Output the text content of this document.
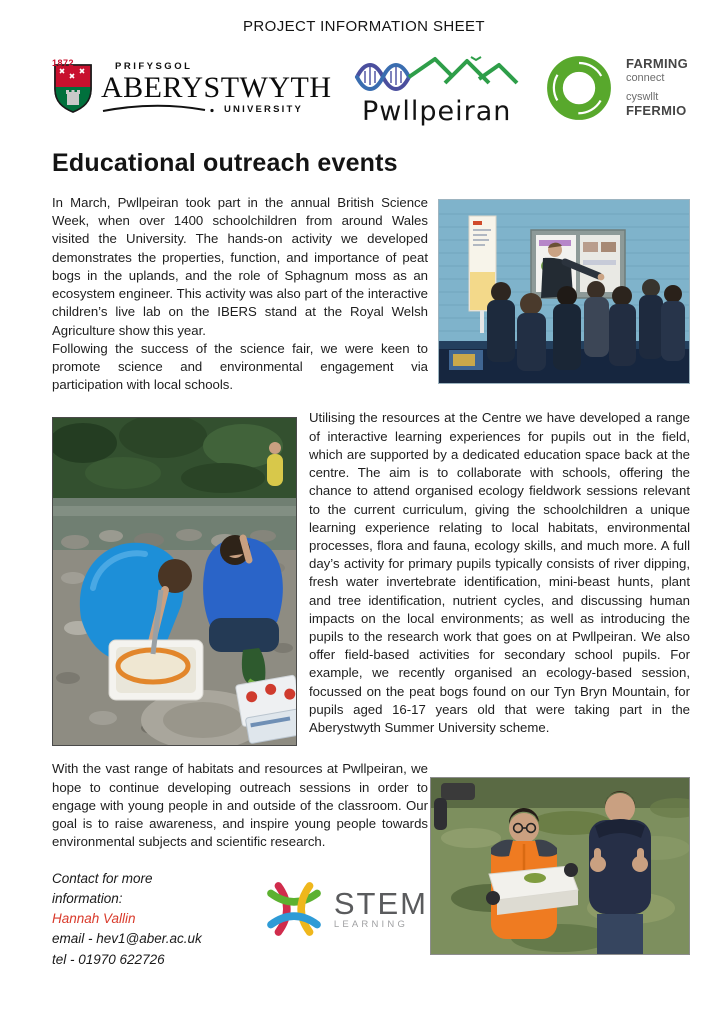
PROJECT INFORMATION SHEET
1872	PRIFYSGOL
ABERYSTWYTH
UNIVERSITY Pwllpeiran
FARMING
connect
cyswllt
FFERMIO
Educational outreach events

In March, Pwllpeiran took part in the annual British Science Week, when over 1400 schoolchildren from around Wales visited the University. The hands-on activity we developed demonstrates the properties, function, and importance of peat bogs in the uplands, and the role of Sphagnum moss as an ecosystem engineer. This activity was also part of the interactive children’s live lab on the IBERS stand at the Royal Welsh Agriculture show this year.

Following the success of the science fair, we were keen to promote science and environmental engagement via participation with local schools.

Utilising the resources at the Centre we have developed a range of interactive learning experiences for pupils out in the field, which are supported by a dedicated education space back at the centre. The aim is to collaborate with schools, offering the chance to attend organised ecology fieldwork sessions relevant to the current curriculum, giving the schoolchildren a unique learning experience relating to local habitats, environmental processes, flora and fauna, ecology skills, and much more. A full day’s activity for primary pupils typically consists of river dipping, fresh water invertebrate identification, mini-beast hunts, plant and tree identification, nutrient cycles, and discussing human impacts on the local environments; as well as introducing the pupils to the research work that goes on at Pwllpeiran. We also offer field-based activities for secondary school pupils. For example, we recently organised an ecology-based session, focussed on the peat bogs found on our Tyn Bryn Mountain, for pupils aged 16-17 years old that were taking part in the Aberystwyth Summer University scheme.

With the vast range of habitats and resources at Pwllpeiran, we hope to continue developing outreach sessions in order to engage with young people in and outside of the classroom. Our goal is to raise awareness, and inspire young people towards environmental subjects and scientific research.

Contact for more information:
Hannah Vallin
email - hev1@aber.ac.uk
tel - 01970 622726
STEM
LEARNING
